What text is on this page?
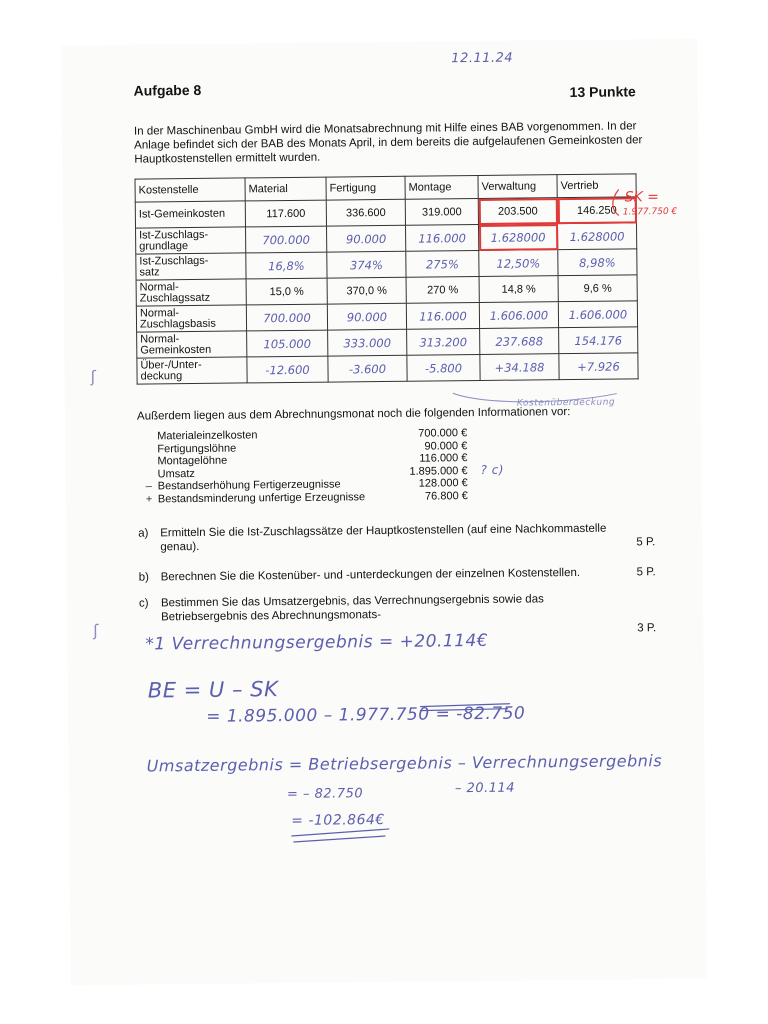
12.11.24
Aufgabe 8	13 Punkte
In der Maschinenbau GmbH wird die Monatsabrechnung mit Hilfe eines BAB vorgenommen. In der Anlage befindet sich der BAB des Monats April, in dem bereits die aufgelaufenen Gemeinkosten der Hauptkostenstellen ermittelt wurden.
Kostenstelle	Material	Fertigung	Montage	Verwaltung	Vertrieb
Ist-Gemeinkosten	117.600	336.600	319.000	203.500	146.250
Ist-Zuschlags-
grundlage	700.000	90.000	116.000	1.628000	1.628000
Ist-Zuschlags-
satz	16,8%	374%	275%	12,50%	8,98%
Normal-
Zuschlagssatz	15,0 %	370,0 %	270 %	14,8 %	9,6 %
Normal-
Zuschlagsbasis	700.000	90.000	116.000	1.606.000	1.606.000
Normal-
Gemeinkosten	105.000	333.000	313.200	237.688	154.176
Über-/Unter-
deckung	-12.600	-3.600	-5.800	+34.188	+7.926
SK =
1.977.750 €
Kostenüberdeckung
ʃ
ʃ
Außerdem liegen aus dem Abrechnungsmonat noch die folgenden Informationen vor:
Materialeinzelkosten	700.000 €
Fertigungslöhne	90.000 €
Montagelöhne	116.000 €
Umsatz	1.895.000 €
– Bestandserhöhung Fertigerzeugnisse	128.000 €
+ Bestandsminderung unfertige Erzeugnisse	76.800 €
? c)
a) Ermitteln Sie die Ist-Zuschlagssätze der Hauptkostenstellen (auf eine Nachkommastelle genau).	5 P.
b) Berechnen Sie die Kostenüber- und -unterdeckungen der einzelnen Kostenstellen.	5 P.
c) Bestimmen Sie das Umsatzergebnis, das Verrechnungsergebnis sowie das Betriebsergebnis des Abrechnungsmonats-
3 P.
*1 Verrechnungsergebnis = +20.114€
BE = U – SK
= 1.895.000 – 1.977.750 = -82.750
Umsatzergebnis = Betriebsergebnis – Verrechnungsergebnis
= – 82.750	– 20.114
= -102.864€
